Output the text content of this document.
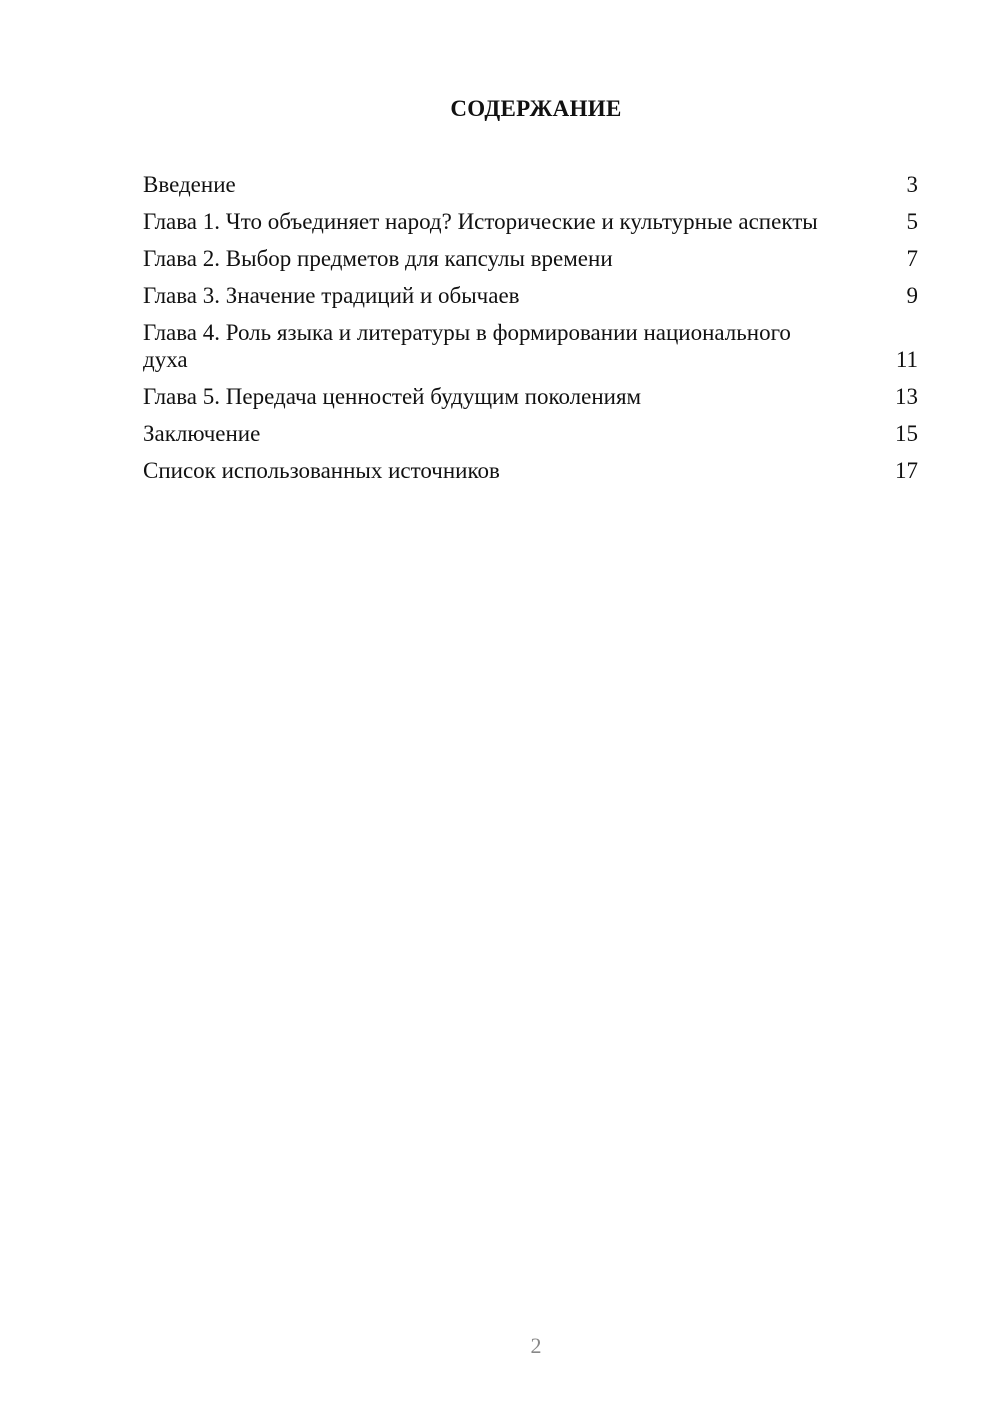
СОДЕРЖАНИЕ
Введение	3
Глава 1. Что объединяет народ? Исторические и культурные аспекты	5
Глава 2. Выбор предметов для капсулы времени	7
Глава 3. Значение традиций и обычаев	9
Глава 4. Роль языка и литературы в формировании национального духа	11
Глава 5. Передача ценностей будущим поколениям	13
Заключение	15
Список использованных источников	17
2
